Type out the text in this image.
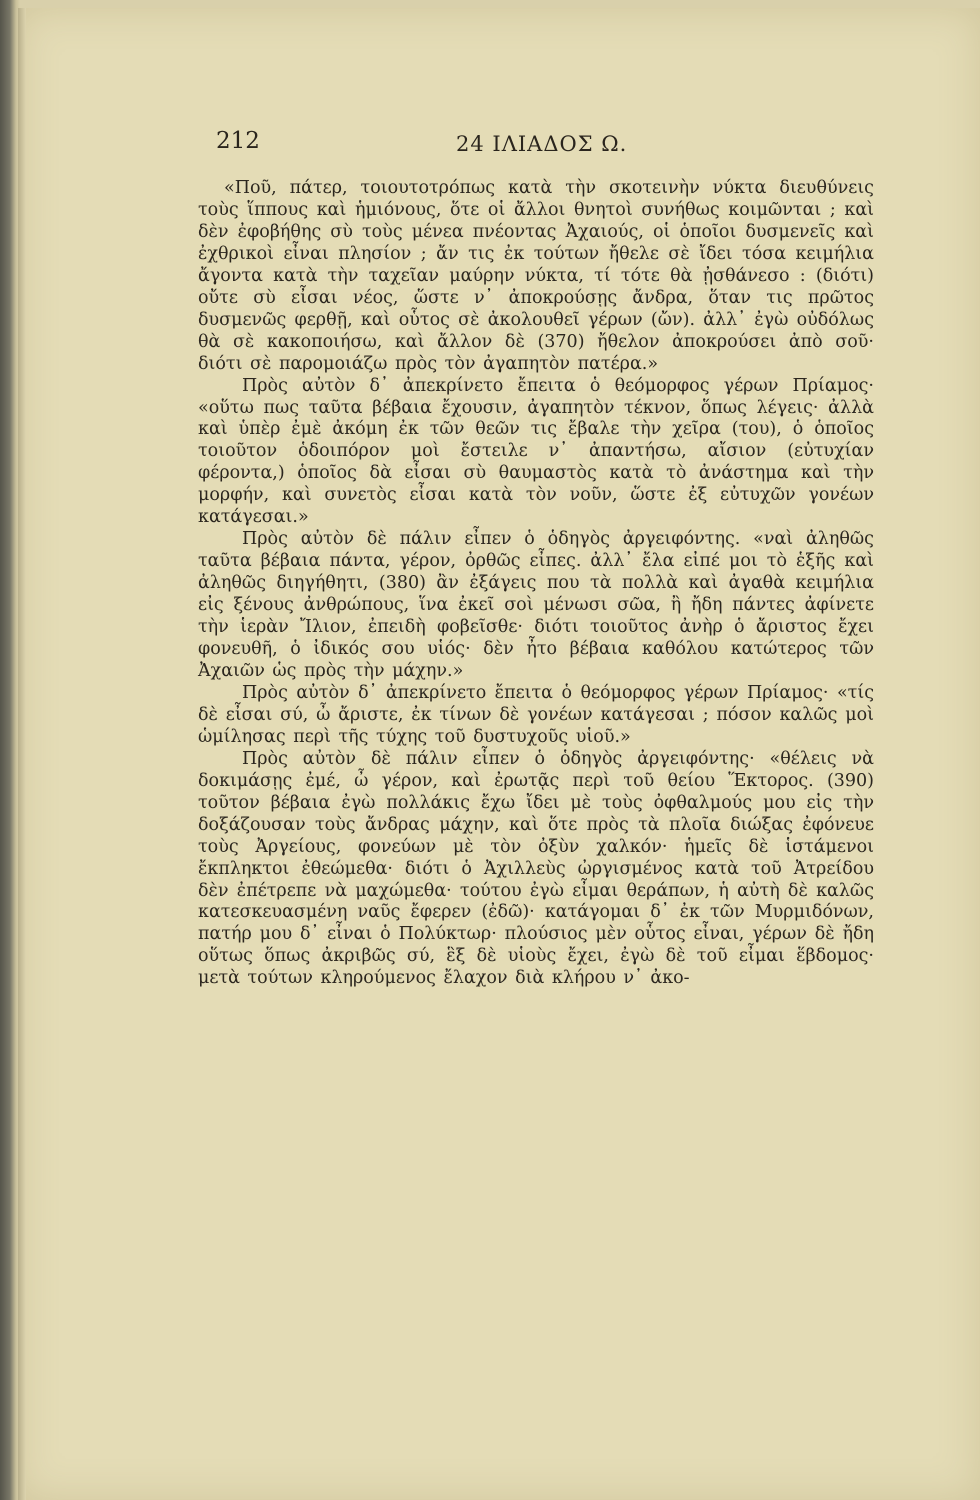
212	24 ΙΛΙΑΔΟΣ Ω.

«Ποῦ, πάτερ, τοιουτοτρόπως κατὰ τὴν σκοτεινὴν νύκτα διευθύνεις τοὺς ἵππους καὶ ἡμιόνους, ὅτε οἱ ἄλλοι θνητοὶ συνήθως κοιμῶνται ; καὶ δὲν ἐφοβήθης σὺ τοὺς μένεα πνέοντας Ἀχαιούς, οἱ ὁποῖοι δυσμενεῖς καὶ ἐχθρικοὶ εἶναι πλησίον ; ἄν τις ἐκ τούτων ἤθελε σὲ ἴδει τόσα κειμήλια ἄγοντα κατὰ τὴν ταχεῖαν μαύρην νύκτα, τί τότε θὰ ᾐσθάνεσο : (διότι) οὔτε σὺ εἶσαι νέος, ὥστε ν᾿ ἀποκρούσῃς ἄνδρα, ὅταν τις πρῶτος δυσμενῶς φερθῇ, καὶ οὗτος σὲ ἀκολουθεῖ γέρων (ὤν). ἀλλ᾿ ἐγὼ οὐδόλως θὰ σὲ κακοποιήσω, καὶ ἄλλον δὲ (370) ἤθελον ἀποκρούσει ἀπὸ σοῦ· διότι σὲ παρομοιάζω πρὸς τὸν ἀγαπητὸν πατέρα.»

Πρὸς αὐτὸν δ᾿ ἀπεκρίνετο ἔπειτα ὁ θεόμορφος γέρων Πρίαμος· «οὕτω πως ταῦτα βέβαια ἔχουσιν, ἀγαπητὸν τέκνον, ὅπως λέγεις· ἀλλὰ καὶ ὑπὲρ ἐμὲ ἀκόμη ἐκ τῶν θεῶν τις ἔβαλε τὴν χεῖρα (του), ὁ ὁποῖος τοιοῦτον ὁδοιπόρον μοὶ ἔστειλε ν᾿ ἀπαντήσω, αἴσιον (εὐτυχίαν φέροντα,) ὁποῖος δὰ εἶσαι σὺ θαυμαστὸς κατὰ τὸ ἀνάστημα καὶ τὴν μορφήν, καὶ συνετὸς εἶσαι κατὰ τὸν νοῦν, ὥστε ἐξ εὐτυχῶν γονέων κατάγεσαι.»

Πρὸς αὐτὸν δὲ πάλιν εἶπεν ὁ ὁδηγὸς ἀργειφόντης. «ναὶ ἀληθῶς ταῦτα βέβαια πάντα, γέρον, ὀρθῶς εἶπες. ἀλλ᾿ ἔλα εἰπέ μοι τὸ ἑξῆς καὶ ἀληθῶς διηγήθητι, (380) ἂν ἐξάγεις που τὰ πολλὰ καὶ ἀγαθὰ κειμήλια εἰς ξένους ἀνθρώπους, ἵνα ἐκεῖ σοὶ μένωσι σῶα, ἢ ἤδη πάντες ἀφίνετε τὴν ἱερὰν Ἴλιον, ἐπειδὴ φοβεῖσθε· διότι τοιοῦτος ἀνὴρ ὁ ἄριστος ἔχει φονευθῆ, ὁ ἰδικός σου υἱός· δὲν ἦτο βέβαια καθόλου κατώτερος τῶν Ἀχαιῶν ὡς πρὸς τὴν μάχην.»

Πρὸς αὐτὸν δ᾿ ἀπεκρίνετο ἔπειτα ὁ θεόμορφος γέρων Πρίαμος· «τίς δὲ εἶσαι σύ, ὦ ἄριστε, ἐκ τίνων δὲ γονέων κατάγεσαι ; πόσον καλῶς μοὶ ὡμίλησας περὶ τῆς τύχης τοῦ δυστυχοῦς υἱοῦ.»

Πρὸς αὐτὸν δὲ πάλιν εἶπεν ὁ ὁδηγὸς ἀργειφόντης· «θέλεις νὰ δοκιμάσῃς ἐμέ, ὦ γέρον, καὶ ἐρωτᾷς περὶ τοῦ θείου Ἕκτορος. (390) τοῦτον βέβαια ἐγὼ πολλάκις ἔχω ἴδει μὲ τοὺς ὀφθαλμούς μου εἰς τὴν δοξάζουσαν τοὺς ἄνδρας μάχην, καὶ ὅτε πρὸς τὰ πλοῖα διώξας ἐφόνευε τοὺς Ἀργείους, φονεύων μὲ τὸν ὀξὺν χαλκόν· ἡμεῖς δὲ ἱστάμενοι ἔκπληκτοι ἐθεώμεθα· διότι ὁ Ἀχιλλεὺς ὠργισμένος κατὰ τοῦ Ἀτρείδου δὲν ἐπέτρεπε νὰ μαχώμεθα· τούτου ἐγὼ εἶμαι θεράπων, ἡ αὐτὴ δὲ καλῶς κατεσκευασμένη ναῦς ἔφερεν (ἐδῶ)· κατάγομαι δ᾿ ἐκ τῶν Μυρμιδόνων, πατήρ μου δ᾿ εἶναι ὁ Πολύκτωρ· πλούσιος μὲν οὗτος εἶναι, γέρων δὲ ἤδη οὕτως ὅπως ἀκριβῶς σύ, ἓξ δὲ υἱοὺς ἔχει, ἐγὼ δὲ τοῦ εἶμαι ἕβδομος· μετὰ τούτων κληρούμενος ἔλαχον διὰ κλήρου ν᾿ ἀκο-
